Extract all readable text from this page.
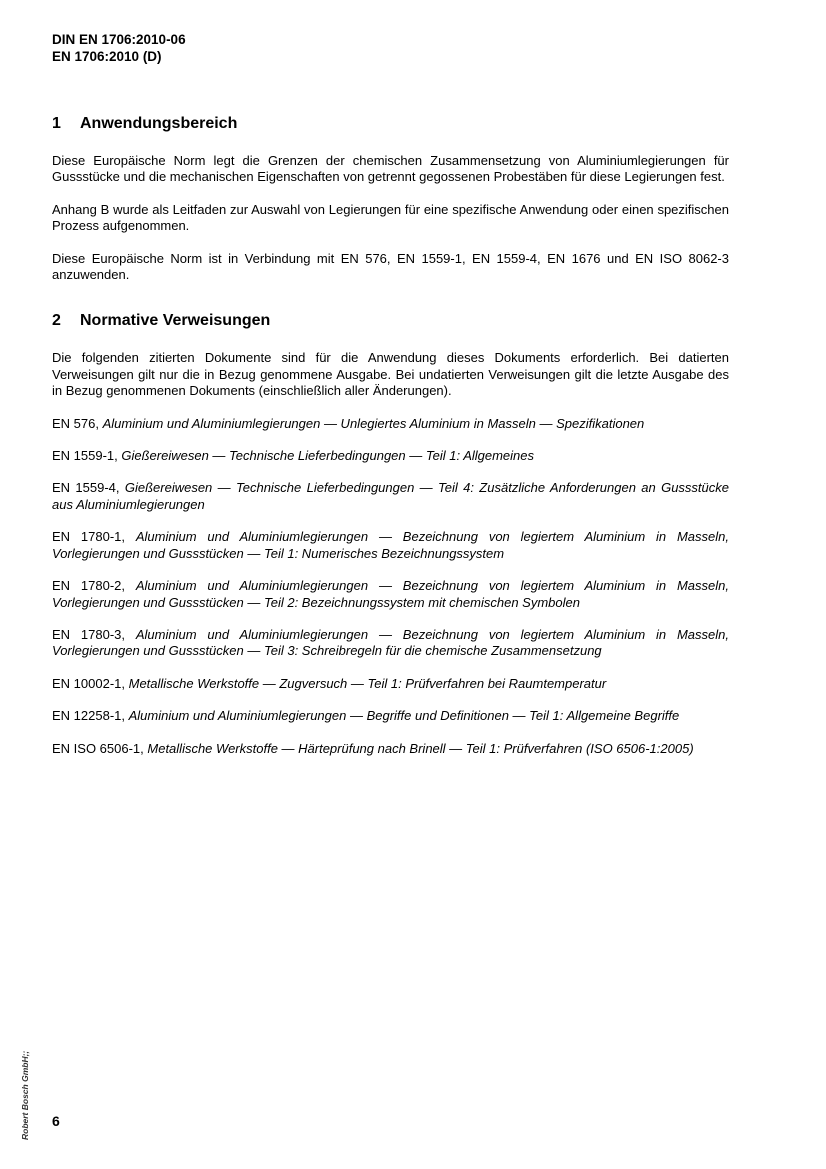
DIN EN 1706:2010-06
EN 1706:2010 (D)
1 Anwendungsbereich

Diese Europäische Norm legt die Grenzen der chemischen Zusammensetzung von Aluminiumlegierungen für Gussstücke und die mechanischen Eigenschaften von getrennt gegossenen Probestäben für diese Legierungen fest.

Anhang B wurde als Leitfaden zur Auswahl von Legierungen für eine spezifische Anwendung oder einen spezifischen Prozess aufgenommen.

Diese Europäische Norm ist in Verbindung mit EN 576, EN 1559-1, EN 1559-4, EN 1676 und EN ISO 8062-3 anzuwenden.

2 Normative Verweisungen

Die folgenden zitierten Dokumente sind für die Anwendung dieses Dokuments erforderlich. Bei datierten Verweisungen gilt nur die in Bezug genommene Ausgabe. Bei undatierten Verweisungen gilt die letzte Ausgabe des in Bezug genommenen Dokuments (einschließlich aller Änderungen).

EN 576, Aluminium und Aluminiumlegierungen — Unlegiertes Aluminium in Masseln — Spezifikationen
EN 1559-1, Gießereiwesen — Technische Lieferbedingungen — Teil 1: Allgemeines
EN 1559-4, Gießereiwesen — Technische Lieferbedingungen — Teil 4: Zusätzliche Anforderungen an Gussstücke aus Aluminiumlegierungen
EN 1780-1, Aluminium und Aluminiumlegierungen — Bezeichnung von legiertem Aluminium in Masseln, Vorlegierungen und Gussstücken — Teil 1: Numerisches Bezeichnungssystem
EN 1780-2, Aluminium und Aluminiumlegierungen — Bezeichnung von legiertem Aluminium in Masseln, Vorlegierungen und Gussstücken — Teil 2: Bezeichnungssystem mit chemischen Symbolen
EN 1780-3, Aluminium und Aluminiumlegierungen — Bezeichnung von legiertem Aluminium in Masseln, Vorlegierungen und Gussstücken — Teil 3: Schreibregeln für die chemische Zusammensetzung
EN 10002-1, Metallische Werkstoffe — Zugversuch — Teil 1: Prüfverfahren bei Raumtemperatur
EN 12258-1, Aluminium und Aluminiumlegierungen — Begriffe und Definitionen — Teil 1: Allgemeine Begriffe
EN ISO 6506-1, Metallische Werkstoffe — Härteprüfung nach Brinell — Teil 1: Prüfverfahren (ISO 6506-1:2005)
Robert Bosch GmbH;; 6
